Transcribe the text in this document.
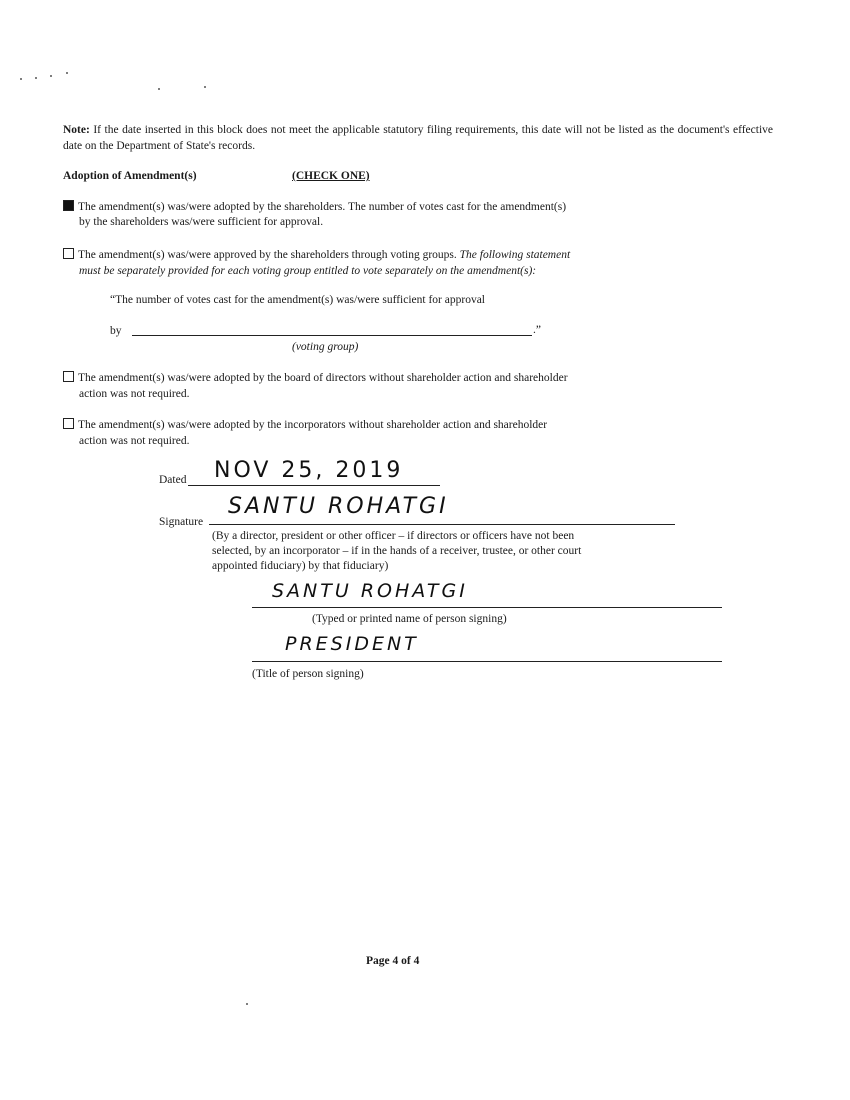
Note: If the date inserted in this block does not meet the applicable statutory filing requirements, this date will not be listed as the document's effective date on the Department of State's records.
Adoption of Amendment(s)	(CHECK ONE)
The amendment(s) was/were adopted by the shareholders. The number of votes cast for the amendment(s)
by the shareholders was/were sufficient for approval.
The amendment(s) was/were approved by the shareholders through voting groups. The following statement
must be separately provided for each voting group entitled to vote separately on the amendment(s):
“The number of votes cast for the amendment(s) was/were sufficient for approval
by	.”
(voting group)
The amendment(s) was/were adopted by the board of directors without shareholder action and shareholder
action was not required.
The amendment(s) was/were adopted by the incorporators without shareholder action and shareholder
action was not required.
Dated NOV 25, 2019
Signature
SANTU ROHATGI
(By a director, president or other officer – if directors or officers have not been
selected, by an incorporator – if in the hands of a receiver, trustee, or other court
appointed fiduciary) by that fiduciary)
SANTU ROHATGI
(Typed or printed name of person signing)
PRESIDENT
(Title of person signing)
Page 4 of 4
